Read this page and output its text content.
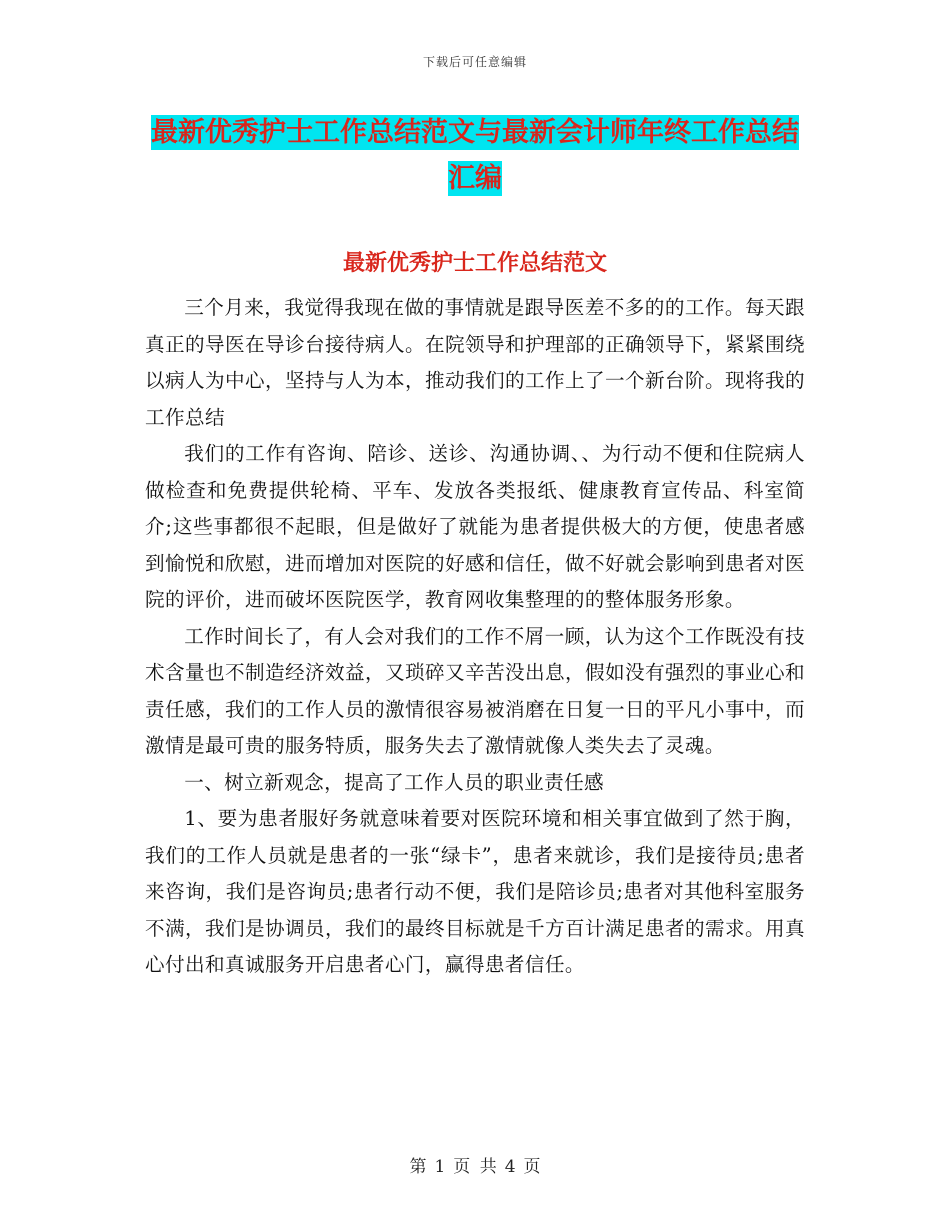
下载后可任意编辑
最新优秀护士工作总结范文与最新会计师年终工作总结汇编
最新优秀护士工作总结范文

三个月来，我觉得我现在做的事情就是跟导医差不多的的工作。每天跟真正的导医在导诊台接待病人。在院领导和护理部的正确领导下，紧紧围绕以病人为中心，坚持与人为本，推动我们的工作上了一个新台阶。现将我的工作总结

我们的工作有咨询、陪诊、送诊、沟通协调、、为行动不便和住院病人做检查和免费提供轮椅、平车、发放各类报纸、健康教育宣传品、科室简介;这些事都很不起眼，但是做好了就能为患者提供极大的方便，使患者感到愉悦和欣慰，进而增加对医院的好感和信任，做不好就会影响到患者对医院的评价，进而破坏医院医学，教育网收集整理的的整体服务形象。

工作时间长了，有人会对我们的工作不屑一顾，认为这个工作既没有技术含量也不制造经济效益，又琐碎又辛苦没出息，假如没有强烈的事业心和责任感，我们的工作人员的激情很容易被消磨在日复一日的平凡小事中，而激情是最可贵的服务特质，服务失去了激情就像人类失去了灵魂。

一、树立新观念，提高了工作人员的职业责任感

1、要为患者服好务就意味着要对医院环境和相关事宜做到了然于胸，我们的工作人员就是患者的一张“绿卡”，患者来就诊，我们是接待员;患者来咨询，我们是咨询员;患者行动不便，我们是陪诊员;患者对其他科室服务不满，我们是协调员，我们的最终目标就是千方百计满足患者的需求。用真心付出和真诚服务开启患者心门，赢得患者信任。

第 1 页 共 4 页
